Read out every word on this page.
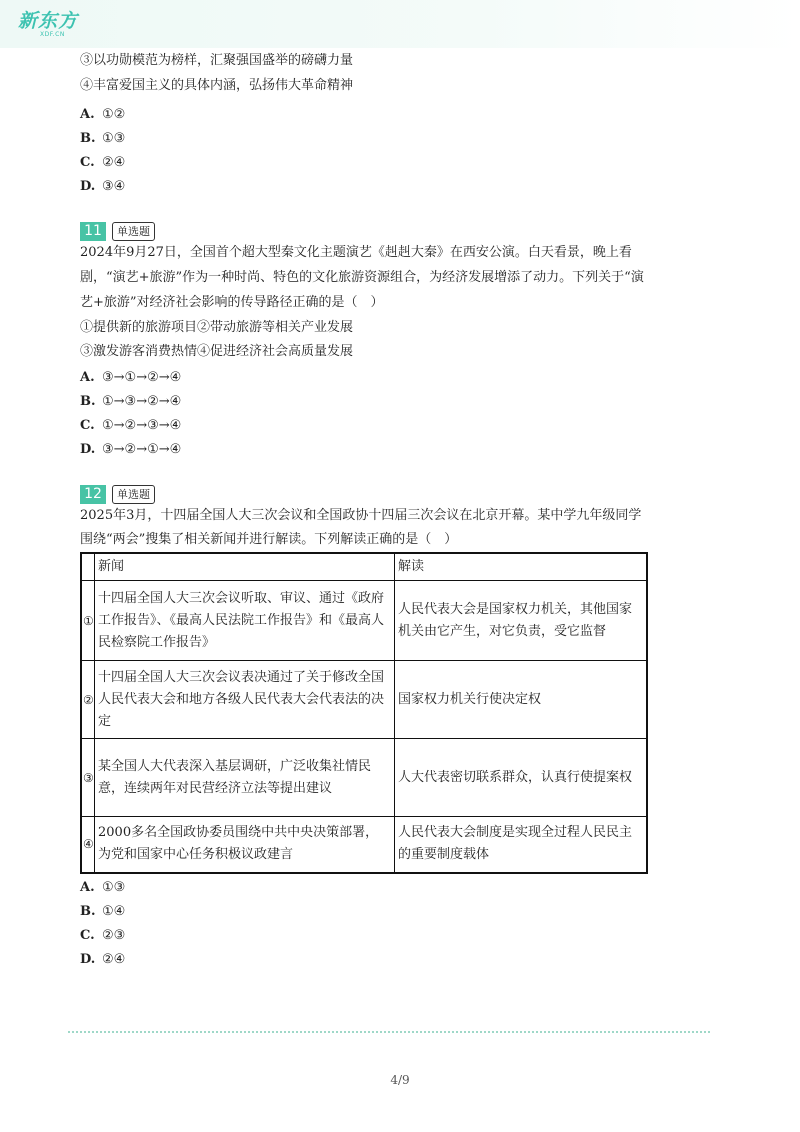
新东方
XDF.CN
③以功勋模范为榜样，汇聚强国盛举的磅礴力量
④丰富爱国主义的具体内涵，弘扬伟大革命精神
A. ①②
B. ①③
C. ②④
D. ③④
11	单选题
2024年9月27日，全国首个超大型秦文化主题演艺《赳赳大秦》在西安公演。白天看景，晚上看
剧，“演艺+旅游”作为一种时尚、特色的文化旅游资源组合，为经济发展增添了动力。下列关于“演
艺+旅游”对经济社会影响的传导路径正确的是（　）
①提供新的旅游项目②带动旅游等相关产业发展
③激发游客消费热情④促进经济社会高质量发展
A. ③→①→②→④
B. ①→③→②→④
C. ①→②→③→④
D. ③→②→①→④
12	单选题
2025年3月，十四届全国人大三次会议和全国政协十四届三次会议在北京开幕。某中学九年级同学
围绕“两会”搜集了相关新闻并进行解读。下列解读正确的是（　）
	新闻	解读
①	十四届全国人大三次会议听取、审议、通过《政府工作报告》、《最高人民法院工作报告》和《最高人民检察院工作报告》	人民代表大会是国家权力机关，其他国家机关由它产生，对它负责，受它监督
②	十四届全国人大三次会议表决通过了关于修改全国人民代表大会和地方各级人民代表大会代表法的决定	国家权力机关行使决定权
③	某全国人大代表深入基层调研，广泛收集社情民意，连续两年对民营经济立法等提出建议	人大代表密切联系群众，认真行使提案权
④	2000多名全国政协委员围绕中共中央决策部署，为党和国家中心任务积极议政建言	人民代表大会制度是实现全过程人民民主的重要制度载体
A. ①③
B. ①④
C. ②③
D. ②④
4/9
